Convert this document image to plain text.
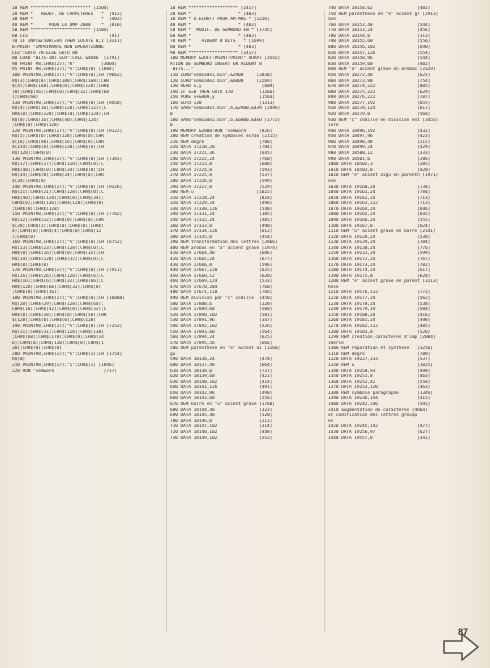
10 REM *********************** [1504]
20 REM *   REDEF. DE CARACTERES   *  [912]
30 REM *                          *  [403]
40 REM *      POUR LA DMP 2000    *  [810]
50 REM *********************** [1504]
60 CLS                               [91]
70 IF INP(&F500)=94 THEN LOCATE 8,1 [3311]
0:PRINT "IMPRIMANTE NON OPERATIONNE
LLE":GOTO 70:ELSE GOTO 80
80 LOAD "BITS-INT.SCR":CALL &4D46  [1791]
90 PRINT #8,CHR$(27);"K"          [3004]
95 PRINT #8,CHR$(27);"%";CHR$(0) [1084]
100 PRINT#8,CHR$(27);"%";CHR$(0);CH [9662]
R$(3);CHR$(0);CHR$(100);CHR$(168);CHR
$(4);CHR$(168);CHR$(0);CHR$(128);CHR$
(0);CHR$(56);CHR$(0);CHR$(32);CHR$(68
);CHR$(68)
110 PRINT#8,CHR$(27);"%";CHR$(0);CH [9450]
R$(4);CHR$(16);CHR$(128);CHR$(127);C
HR$(0);CHR$(128);CHR$(0);CHR$(124);CH
R$(0);CHR$(16);CHR$(40);CHR$(124)
;CHR$(0);CHR$(128)
120 PRINT#8,CHR$(27);"%";CHR$(0);CH [9122]
R$(5);CHR$(6);CHR$(128);CHR$(0);CHR
$(16);CHR$(40);CHR$(16);CHR$(8);CHR
$(154);CHR$(0);CHR$(138);CHR$(4);CH
R$(128);CHR$(0)
130 PRINT#8,CHR$(27);"%";CHR$(0);CH [7365]
R$(17);CHR$(17);CHR$(128);CHR$(0);C
HR$(40);CHR$(0);CHR$(34);CHR$(0);CH
R$(34);CHR$(0);CHR$(34);CHR$(0);CHR
$(34);CHR$(0)
140 PRINT#8,CHR$(27);"%";CHR$(0);CH [9326]
R$(21);CHR$(21);CHR$(128);CHR$(0);C
HR$(40);CHR$(128);CHR$(0);CHR$(34);
CHR$(0);CHR$(136);CHR$(128);CHR$(0)
;CHR$(0);CHR$(128)
150 PRINT#8,CHR$(27);"%";CHR$(0);CH [7702]
R$(22);CHR$(22);CHR$(0);CHR$(0);CHR
$(28);CHR$(2);CHR$(0);CHR$(0);CHR$(
4);CHR$(0);CHR$(4);CHR$(0);CHR$(12
);CHR$(0)
160 PRINT#8,CHR$(27);"%";CHR$(0);CH [6752]
R$(23);CHR$(23);CHR$(128);CHR$(0);C
HR$(0);CHR$(16);CHR$(0);CHR$(32);CH
R$(14);CHR$(128);CHR$(32);CHR$(0);C
HR$(0);CHR$(0)
170 PRINT#8,CHR$(27);"%";CHR$(0);CH [7911]
R$(26);CHR$(26);CHR$(128);CHR$(6);C
HR$(16);CHR$(6);CHR$(32);CHR$(66);C
HR$(128);CHR$(66);CHR$(32);CHR$(0)
;CHR$(0);CHR$(16);
180 PRINT#8,CHR$(27);"%";CHR$(0);CH [16008]
R$(28);CHR$(29);CHR$(128);CHR$(64);
CHR$(16);CHR$(42);CHR$(0);CHR$(32);C
HR$(0);CHR$(18);CHR$(0);CHR$(58);CHR
$(128);CHR$(0);CHR$(0);CHR$(128)
190 PRINT#8,CHR$(27);"%";CHR$(0);CH [7253]
R$(31);CHR$(31);CHR$(128);CHR$(130)
;CHR$(68);CHR$(170);CHR$(0);CHR$(14
6);CHR$(0);CHR$(130);CHR$(0);CHR$(1
30);CHR$(0);CHR$(0)
200 PRINT#8,CHR$(27);"%";CHR$(1);CH [1754]
R$(0)
210 PRINT#8,CHR$(27);"I";CHR$(1) [1096]
220 RUN "semword                   [717]
10 REM ******************* [1417]
20 REM *                  * [403]
30 REM * D.ECHOTT POUR AM MAG * [1226]
40 REM *                  * [403]
50 REM *  MODIF. DE SEMWORD EN * [1745]
60 REM *                  * [403]
70 REM *    AIDENY 8 BITS   * [1699]
80 REM *                  * [403]
90 REM ******************* [1417]
100 MEMORY &2DFF:PRINT:PRINT" ADAPT [3542]
ATION DE SEMWORD INSERT EN AIDENY 8
BITS..."
110 LOAD"semcode1.bin",&2900     [2038]
120 LOAD"semcode2.bin",&6000     [2269]
130 READ x,y                       [689]
140 IF x=0 THEN GOTO 170          [1266]
150 POKE x+&909,y                 [1564]
160 GOTO 130                      [1313]
170 SAVE"semcode1.bin",b,&2900,&439 [2496]
0
180 SAVE"semcode2.bin",b,&6000,&4E0 [1772]
0
190 MEMORY &2000:RUN "semword     [826]
200 REM creation de symboles ecran [2115]
210 REM degre                     [708]
220 DATA 17220,28                 [784]
230 DATA 17221,36                 [645]
240 DATA 17222,24                 [760]
250 DATA 17223,0                  [600]
260 DATA 17224,0                  [593]
270 DATA 17225,0                  [537]
280 DATA 17226,0                  [599]
290 DATA 17227,0                  [529]
300 REM u                        [1025]
310 DATA 17228,24                 [818]
320 DATA 17229,24                 [490]
330 DATA 17330,126                [540]
340 DATA 17331,24                 [385]
350 DATA 17332,24                 [485]
360 DATA 17333,0                  [490]
370 DATA 17334,126                [612]
380 DATA 17335,0                  [454]
390 REM transformation des lettres [2866]
400 REM arobas en "a" accent grave [1974]
410 DATA 17664,48                 [686]
420 DATA 17665,24                 [677]
430 DATA 17666,0                  [596]
440 DATA 17667,120                [625]
450 DATA 17668,12                 [620]
460 DATA 17669,124                [533]
470 DATA 17670,204                [760]
480 DATA 17671,118                [766]
490 REM division par "c" cedille  [458]
500 DATA 17888,6                  [220]
510 DATA 17889,60                 [500]
520 DATA 17890,102                [501]
530 DATA 17891,96                 [347]
540 DATA 17892,102                [526]
550 DATA 17893,60                 [564]
560 DATA 17894,24                 [625]
570 DATA 17895,56                 [666]
580 REM parenthese en "e" accent ai [1260]
gu
590 DATA 18136,24                 [470]
600 DATA 18137,48                 [664]
610 DATA 18138,0                  [737]
620 DATA 18139,60                 [421]
630 DATA 18140,102                [414]
640 DATA 18141,126                [491]
650 DATA 18142,96                 [490]
660 DATA 18143,60                 [556]
670 REM barre en "u" accent grave [1760]
680 DATA 18144,48                 [323]
690 DATA 18145,48                 [520]
700 DATA 18146,0                  [211]
710 DATA 18147,102                [314]
720 DATA 18148,102                [448]
730 DATA 18149,102                [552]
740 DATA 18150,62                 [482]
750 REM parenthese en "e" accent gr [2913]
ave
760 DATA 18152,48                 [544]
770 DATA 18153,24                 [456]
780 DATA 18154,0                  [313]
790 DATA 18155,60                 [556]
800 DATA 18156,102                [690]
810 DATA 18157,126                [554]
820 DATA 18158,96                 [544]
830 DATA 18159,60                 [402]
840 REM "a" accent grave en arobas [2329]
850 DATA 18272,48                 [625]
860 DATA 18273,98                 [754]
870 DATA 18274,222                [805]
880 DATA 18275,222                [629]
890 DATA 18276,222                [707]
900 DATA 18277,192                [655]
910 DATA 18278,124                [617]
920 DATA 18279,0                  [568]
930 REM "c" cedille en division ent [3455]
iere
940 DATA 18496,192                [432]
950 DATA 18497,96                 [423]
960 DATA 18498,48                 [215]
970 DATA 18499,24                 [429]
980 DATA 18500,12                 [333]
990 DATA 18501,6                  [286]
1000 DATA 18502,3                 [205]
1010 DATA 18503,0                 [420]
1020 REM "e" accent aigu en parenth [1971]
ese
1030 DATA 19160,24                [738]
1040 DATA 19161,24                [784]
1050 DATA 19162,24                [713]
1060 DATA 19163,112               [713]
1070 DATA 19164,24                [696]
1080 DATA 19165,24                [645]
1090 DATA 19166,24                [555]
1100 DATA 19167,0                 [624]
1110 REM "u" accent grave en barre [2141]
1120 DATA 19128,24                [538]
1130 DATA 19129,24                [704]
1140 DATA 19130,24                [776]
1150 DATA 19131,24                [599]
1160 DATA 19172,24                [767]
1170 DATA 19173,24                [702]
1180 DATA 19174,24                [617]
1190 DATA 19175,0                 [628]
1200 REM "e" accent grave en parent [3113]
hese
1210 DATA 19176,112               [772]
1220 DATA 19177,24                [562]
1230 DATA 19178,24                [538]
1240 DATA 19179,14                [504]
1250 DATA 19180,24                [416]
1260 DATA 19181,24                [498]
1270 DATA 19182,112               [485]
1280 DATA 19183,0                 [520]
1290 REM creation caracteres d'imp [2084]
imerie
1300 REM reparation et synthese   [3256]
1310 REM degre                    [708]
1320 DATA 19227,133               [537]
1330 REM u                        [1025]
1340 DATA 19250,93                [490]
1350 DATA 19251,8                 [463]
1360 DATA 19252,42                [558]
1370 DATA 19253,120               [463]
1380 REM symbole paragraphe       [1346]
1390 DATA 19236,144               [415]
1400 DATA 19242,146               [592]
1410 augmentation de caracteres [4664]
et codification des lettres grecqu
es
1420 DATA 19245,142               [477]
1430 DATA 19256,97                [627]
1440 DATA 19557,0                 [341]
87
